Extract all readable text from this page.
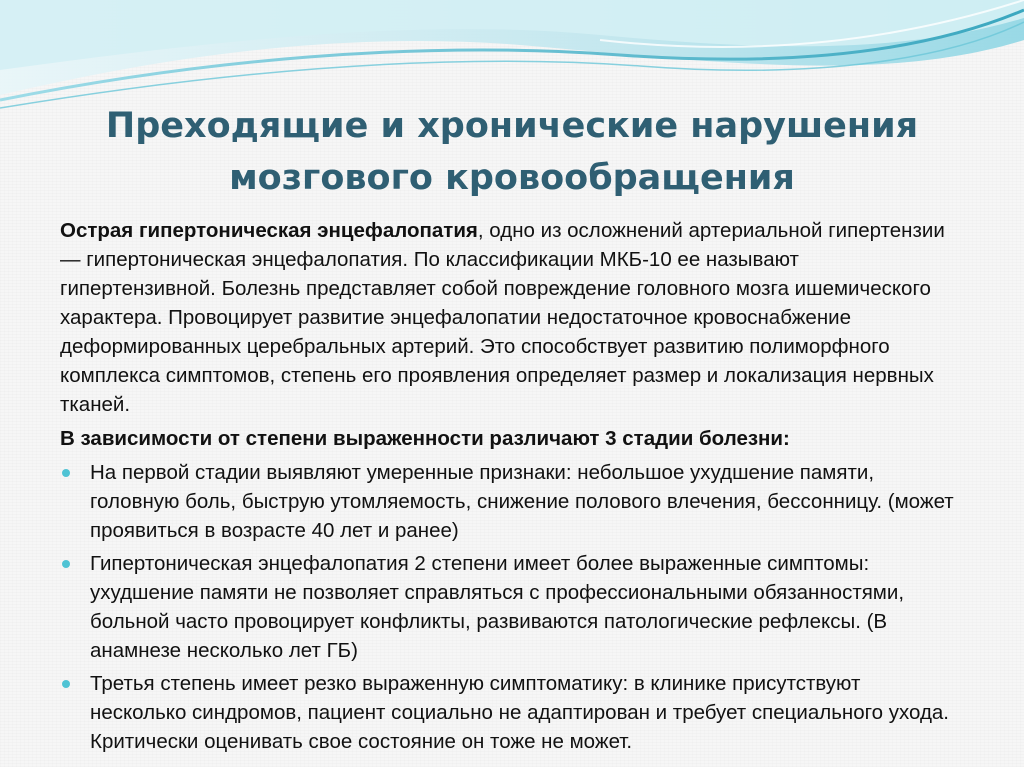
Преходящие и хронические нарушения
мозгового кровообращения

Острая гипертоническая энцефалопатия, одно из осложнений артериальной гипертензии — гипертоническая энцефалопатия. По классификации МКБ-10 ее называют гипертензивной. Болезнь представляет собой повреждение головного мозга ишемического характера. Провоцирует развитие энцефалопатии недостаточное кровоснабжение деформированных церебральных артерий. Это способствует развитию полиморфного комплекса симптомов, степень его проявления определяет размер и локализация нервных тканей.

В зависимости от степени выраженности различают 3 стадии болезни:
На первой стадии выявляют умеренные признаки: небольшое ухудшение памяти, головную боль, быструю утомляемость, снижение полового влечения, бессонницу. (может проявиться в возрасте 40 лет и ранее)
Гипертоническая энцефалопатия 2 степени имеет более выраженные симптомы: ухудшение памяти не позволяет справляться с профессиональными обязанностями, больной часто провоцирует конфликты, развиваются патологические рефлексы. (В анамнезе несколько лет ГБ)
Третья степень имеет резко выраженную симптоматику: в клинике присутствуют несколько синдромов, пациент социально не адаптирован и требует специального ухода. Критически оценивать свое состояние он тоже не может.
